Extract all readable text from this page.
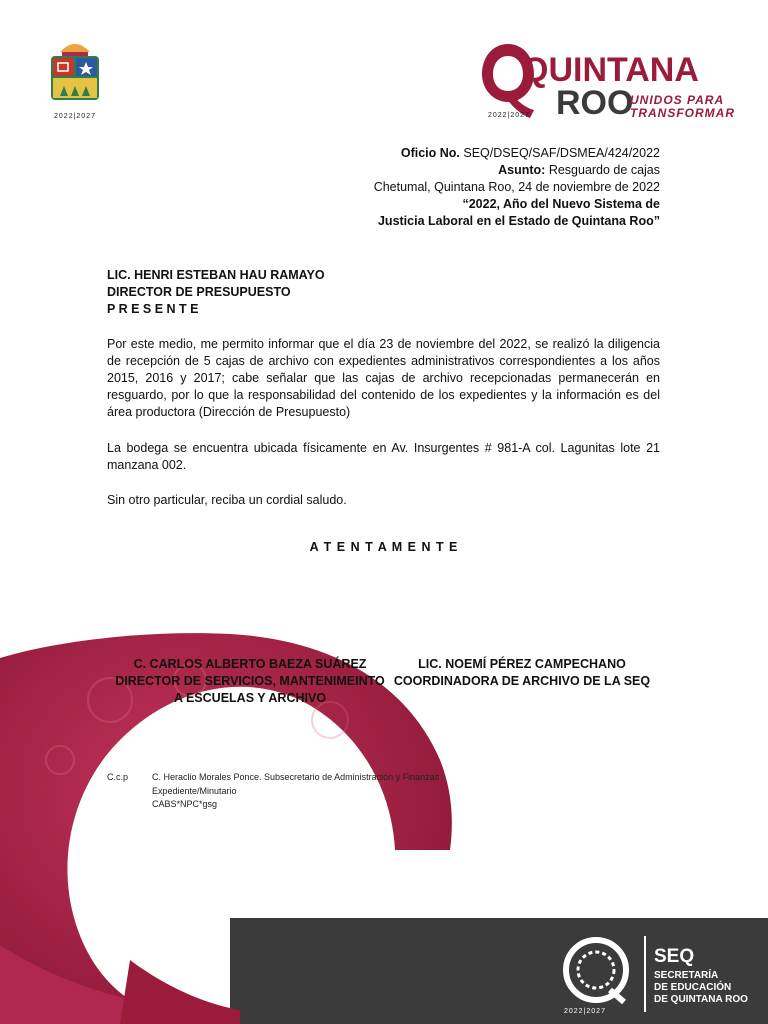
2022|2027
QUINTANA
ROO
UNIDOS PARA
TRANSFORMAR
2022|2027
Oficio No. SEQ/DSEQ/SAF/DSMEA/424/2022
Asunto: Resguardo de cajas
Chetumal, Quintana Roo, 24 de noviembre de 2022
“2022, Año del Nuevo Sistema de
Justicia Laboral en el Estado de Quintana Roo”
LIC. HENRI ESTEBAN HAU RAMAYO
DIRECTOR DE PRESUPUESTO
P R E S E N T E
Por este medio, me permito informar que el día 23 de noviembre del 2022, se realizó la diligencia de recepción de 5 cajas de archivo con expedientes administrativos correspondientes a los años 2015, 2016 y 2017; cabe señalar que las cajas de archivo recepcionadas permanecerán en resguardo, por lo que la responsabilidad del contenido de los expedientes y la información es del área productora (Dirección de Presupuesto)
La bodega se encuentra ubicada físicamente en Av. Insurgentes # 981-A col. Lagunitas lote 21 manzana 002.
Sin otro particular, reciba un cordial saludo.
A T E N T A M E N T E
C. CARLOS ALBERTO BAEZA SUÁREZ
DIRECTOR DE SERVICIOS, MANTENIMEINTO
A ESCUELAS Y ARCHIVO
LIC. NOEMÍ PÉREZ CAMPECHANO
COORDINADORA DE ARCHIVO DE LA SEQ
C.c.p	C. Heraclio Morales Ponce. Subsecretario de Administración y Finanzas
Expediente/Minutario
CABS*NPC*gsg
2022|2027
SEQ
SECRETARÍA
DE EDUCACIÓN
DE QUINTANA ROO
